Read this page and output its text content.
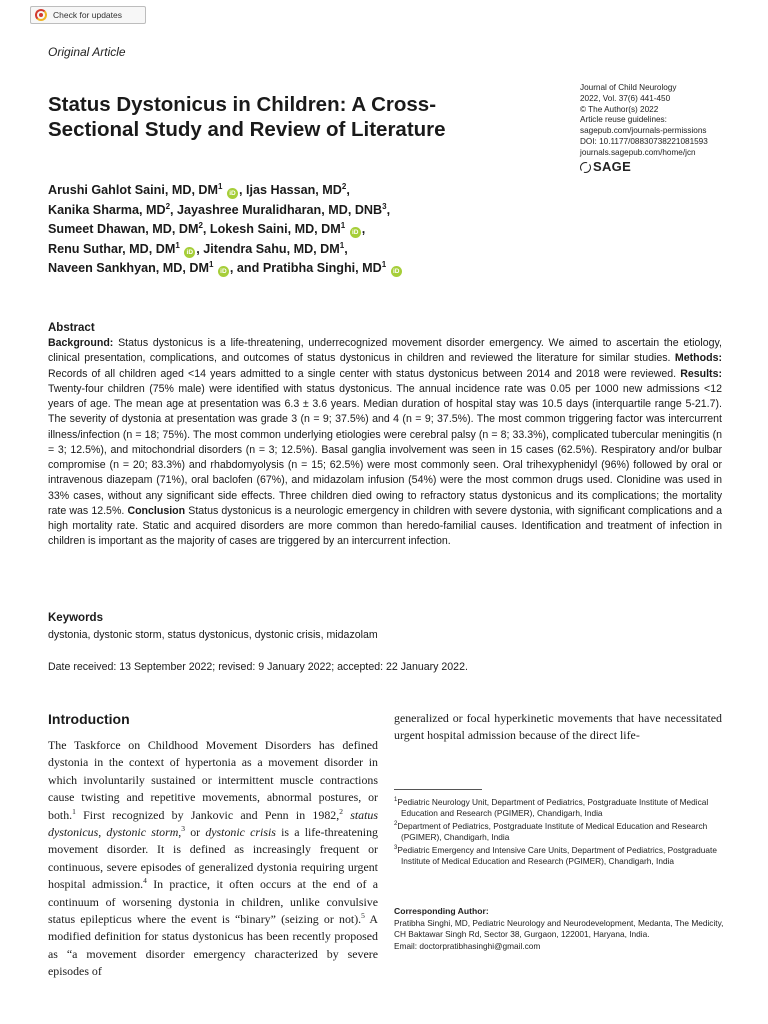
Check for updates
Original Article
Journal of Child Neurology
2022, Vol. 37(6) 441-450
© The Author(s) 2022
Article reuse guidelines:
sagepub.com/journals-permissions
DOI: 10.1177/08830738221081593
journals.sagepub.com/home/jcn
SAGE
Status Dystonicus in Children: A Cross-Sectional Study and Review of Literature
Arushi Gahlot Saini, MD, $DM^1$ iD , Ijas Hassan, $MD^2$,
Kanika Sharma, $MD^2$, Jayashree Muralidharan, MD, DNB$^3$,
Sumeet Dhawan, MD, $DM^2$, Lokesh Saini, MD, $DM^1$ iD ,
Renu Suthar, MD, $DM^1$ iD , Jitendra Sahu, MD, $DM^1$,
Naveen Sankhyan, MD, $DM^1$ iD , and Pratibha Singhi, $MD^1$ iD
Abstract

Background: Status dystonicus is a life-threatening, underrecognized movement disorder emergency. We aimed to ascertain the etiology, clinical presentation, complications, and outcomes of status dystonicus in children and reviewed the literature for similar studies. Methods: Records of all children aged <14 years admitted to a single center with status dystonicus between 2014 and 2018 were reviewed. Results: Twenty-four children (75% male) were identified with status dystonicus. The annual incidence rate was 0.05 per 1000 new admissions <12 years of age. The mean age at presentation was 6.3 ± 3.6 years. Median duration of hospital stay was 10.5 days (interquartile range 5-21.7). The severity of dystonia at presentation was grade 3 (n = 9; 37.5%) and 4 (n = 9; 37.5%). The most common triggering factor was intercurrent illness/infection (n = 18; 75%). The most common underlying etiologies were cerebral palsy (n = 8; 33.3%), complicated tubercular meningitis (n = 3; 12.5%), and mitochondrial disorders (n = 3; 12.5%). Basal ganglia involvement was seen in 15 cases (62.5%). Respiratory and/or bulbar compromise (n = 20; 83.3%) and rhabdomyolysis (n = 15; 62.5%) were most commonly seen. Oral trihexyphenidyl (96%) followed by oral or intravenous diazepam (71%), oral baclofen (67%), and midazolam infusion (54%) were the most common drugs used. Clonidine was used in 33% cases, without any significant side effects. Three children died owing to refractory status dystonicus and its complications; the mortality rate was 12.5%. Conclusion Status dystonicus is a neurologic emergency in children with severe dystonia, with significant complications and a high mortality rate. Static and acquired disorders are more common than heredo-familial causes. Identification and treatment of infection in children is important as the majority of cases are triggered by an intercurrent infection.

Keywords
dystonia, dystonic storm, status dystonicus, dystonic crisis, midazolam
Date received: 13 September 2022; revised: 9 January 2022; accepted: 22 January 2022.
Introduction

The Taskforce on Childhood Movement Disorders has defined dystonia in the context of hypertonia as a movement disorder in which involuntarily sustained or intermittent muscle contractions cause twisting and repetitive movements, abnormal postures, or both.$^1$ First recognized by Jankovic and Penn in 1982,$^2$ status dystonicus, dystonic storm,$^3$ or dystonic crisis is a life-threatening movement disorder. It is defined as increasingly frequent or continuous, severe episodes of generalized dystonia requiring urgent hospital admission.$^4$ In practice, it often occurs at the end of a continuum of worsening dystonia in children, unlike convulsive status epilepticus where the event is “binary” (seizing or not).$^5$ A modified definition for status dystonicus has been recently proposed as “a movement disorder emergency characterized by severe episodes of

generalized or focal hyperkinetic movements that have necessitated urgent hospital admission because of the direct life-

$^1$Pediatric Neurology Unit, Department of Pediatrics, Postgraduate Institute of Medical Education and Research (PGIMER), Chandigarh, India
$^2$Department of Pediatrics, Postgraduate Institute of Medical Education and Research (PGIMER), Chandigarh, India
$^3$Pediatric Emergency and Intensive Care Units, Department of Pediatrics, Postgraduate Institute of Medical Education and Research (PGIMER), Chandigarh, India
Corresponding Author:
Pratibha Singhi, MD, Pediatric Neurology and Neurodevelopment, Medanta, The Medicity, CH Baktawar Singh Rd, Sector 38, Gurgaon, 122001, Haryana, India.
Email: doctorpratibhasinghi@gmail.com
